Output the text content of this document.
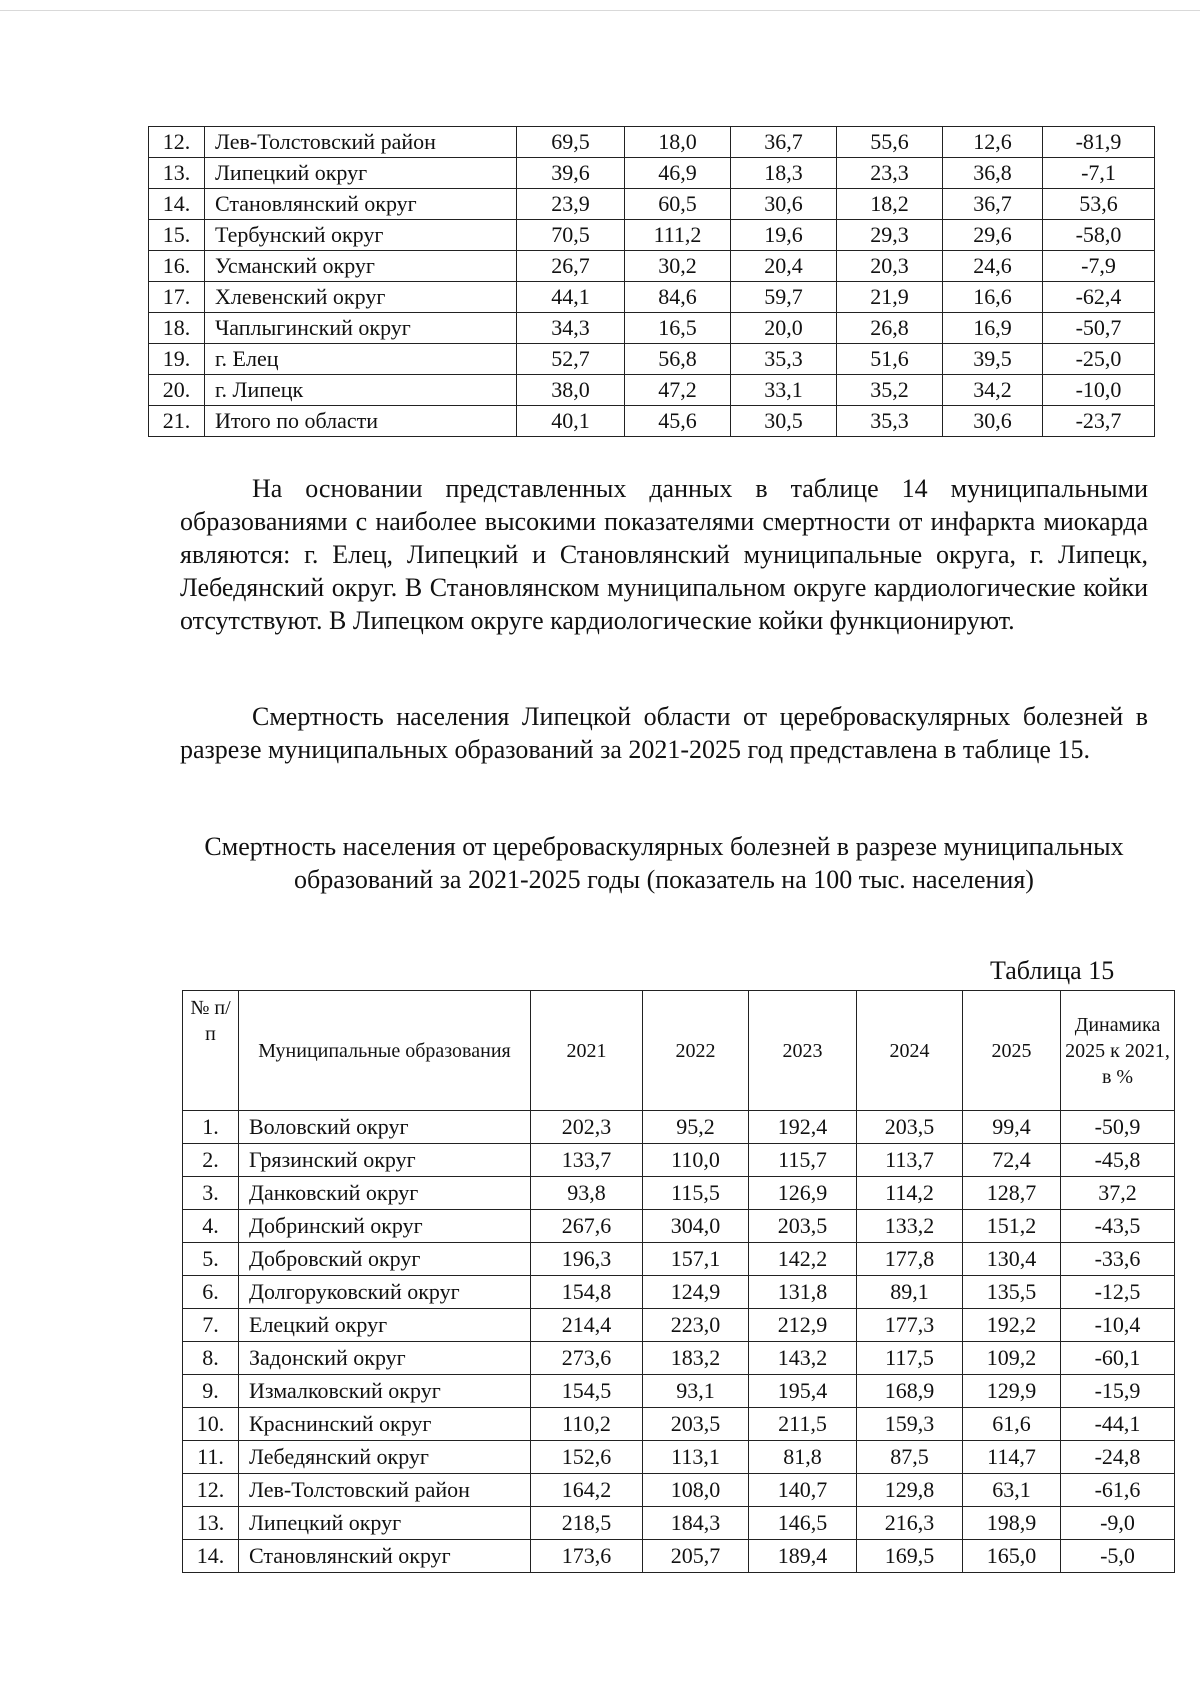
12.	Лев-Толстовский район	69,5	18,0	36,7	55,6	12,6	-81,9
13.	Липецкий округ	39,6	46,9	18,3	23,3	36,8	-7,1
14.	Становлянский округ	23,9	60,5	30,6	18,2	36,7	53,6
15.	Тербунский округ	70,5	111,2	19,6	29,3	29,6	-58,0
16.	Усманский округ	26,7	30,2	20,4	20,3	24,6	-7,9
17.	Хлевенский округ	44,1	84,6	59,7	21,9	16,6	-62,4
18.	Чаплыгинский округ	34,3	16,5	20,0	26,8	16,9	-50,7
19.	г. Елец	52,7	56,8	35,3	51,6	39,5	-25,0
20.	г. Липецк	38,0	47,2	33,1	35,2	34,2	-10,0
21.	Итого по области	40,1	45,6	30,5	35,3	30,6	-23,7

На основании представленных данных в таблице 14 муниципальными образованиями с наиболее высокими показателями смертности от инфаркта миокарда являются: г. Елец, Липецкий и Становлянский муниципальные округа, г. Липецк, Лебедянский округ. В Становлянском муниципальном округе кардиологические койки отсутствуют. В Липецком округе кардиологические койки функционируют.

Смертность населения Липецкой области от цереброваскулярных болезней в разрезе муниципальных образований за 2021-2025 год представлена в таблице 15.

Смертность населения от цереброваскулярных болезней в разрезе муниципальных образований за 2021-2025 годы (показатель на 100 тыс. населения)

Таблица 15
№ п/п	Муниципальные образования	2021	2022	2023	2024	2025	Динамика 2025 к 2021, в %
1.	Воловский округ	202,3	95,2	192,4	203,5	99,4	-50,9
2.	Грязинский округ	133,7	110,0	115,7	113,7	72,4	-45,8
3.	Данковский округ	93,8	115,5	126,9	114,2	128,7	37,2
4.	Добринский округ	267,6	304,0	203,5	133,2	151,2	-43,5
5.	Добровский округ	196,3	157,1	142,2	177,8	130,4	-33,6
6.	Долгоруковский округ	154,8	124,9	131,8	89,1	135,5	-12,5
7.	Елецкий округ	214,4	223,0	212,9	177,3	192,2	-10,4
8.	Задонский округ	273,6	183,2	143,2	117,5	109,2	-60,1
9.	Измалковский округ	154,5	93,1	195,4	168,9	129,9	-15,9
10.	Краснинский округ	110,2	203,5	211,5	159,3	61,6	-44,1
11.	Лебедянский округ	152,6	113,1	81,8	87,5	114,7	-24,8
12.	Лев-Толстовский район	164,2	108,0	140,7	129,8	63,1	-61,6
13.	Липецкий округ	218,5	184,3	146,5	216,3	198,9	-9,0
14.	Становлянский округ	173,6	205,7	189,4	169,5	165,0	-5,0
